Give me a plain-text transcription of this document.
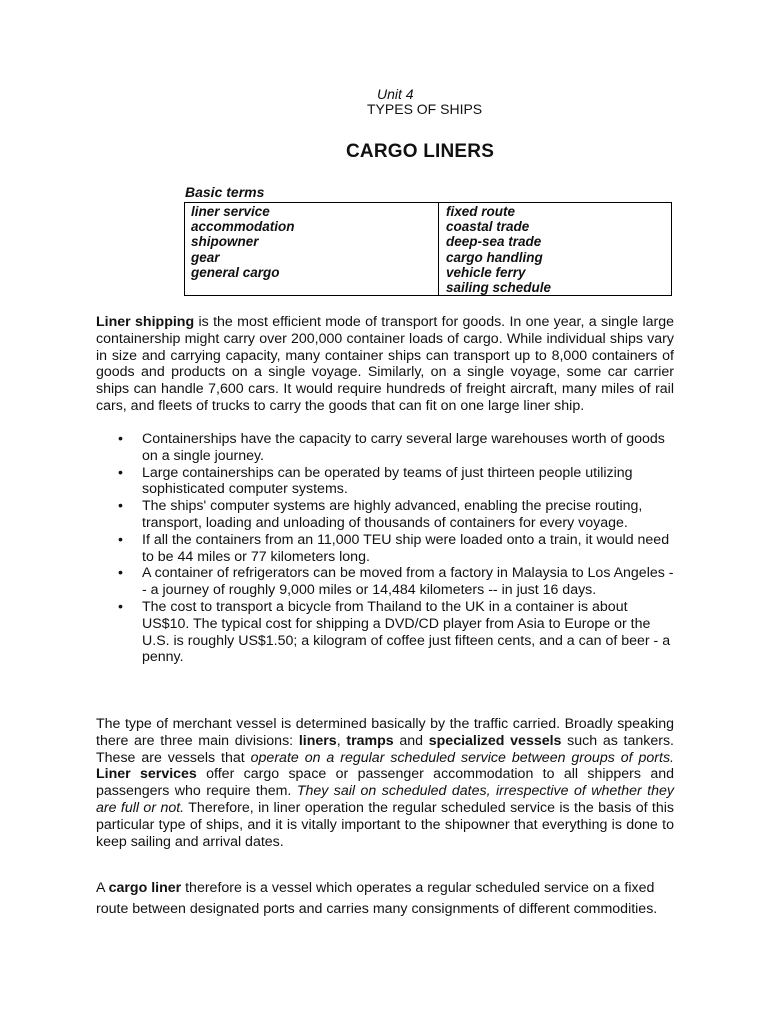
Unit 4
TYPES OF SHIPS
CARGO LINERS
Basic terms
liner service
accommodation
shipowner
gear
general cargo
fixed route
coastal trade
deep-sea trade
cargo handling
vehicle ferry
sailing schedule
Liner shipping is the most efficient mode of transport for goods. In one year, a single large containership might carry over 200,000 container loads of cargo. While individual ships vary in size and carrying capacity, many container ships can transport up to 8,000 containers of goods and products on a single voyage. Similarly, on a single voyage, some car carrier ships can handle 7,600 cars. It would require hundreds of freight aircraft, many miles of rail cars, and fleets of trucks to carry the goods that can fit on one large liner ship.
• Containerships have the capacity to carry several large warehouses worth of goods on a single journey.
• Large containerships can be operated by teams of just thirteen people utilizing sophisticated computer systems.
• The ships' computer systems are highly advanced, enabling the precise routing, transport, loading and unloading of thousands of containers for every voyage.
• If all the containers from an 11,000 TEU ship were loaded onto a train, it would need to be 44 miles or 77 kilometers long.
• A container of refrigerators can be moved from a factory in Malaysia to Los Angeles -- a journey of roughly 9,000 miles or 14,484 kilometers -- in just 16 days.
• The cost to transport a bicycle from Thailand to the UK in a container is about US$10. The typical cost for shipping a DVD/CD player from Asia to Europe or the U.S. is roughly US$1.50; a kilogram of coffee just fifteen cents, and a can of beer - a penny.
The type of merchant vessel is determined basically by the traffic carried. Broadly speaking there are three main divisions: liners, tramps and specialized vessels such as tankers. These are vessels that operate on a regular scheduled service between groups of ports. Liner services offer cargo space or passenger accommodation to all shippers and passengers who require them. They sail on scheduled dates, irrespective of whether they are full or not. Therefore, in liner operation the regular scheduled service is the basis of this particular type of ships, and it is vitally important to the shipowner that everything is done to keep sailing and arrival dates.
A cargo liner therefore is a vessel which operates a regular scheduled service on a fixed route between designated ports and carries many consignments of different commodities.
